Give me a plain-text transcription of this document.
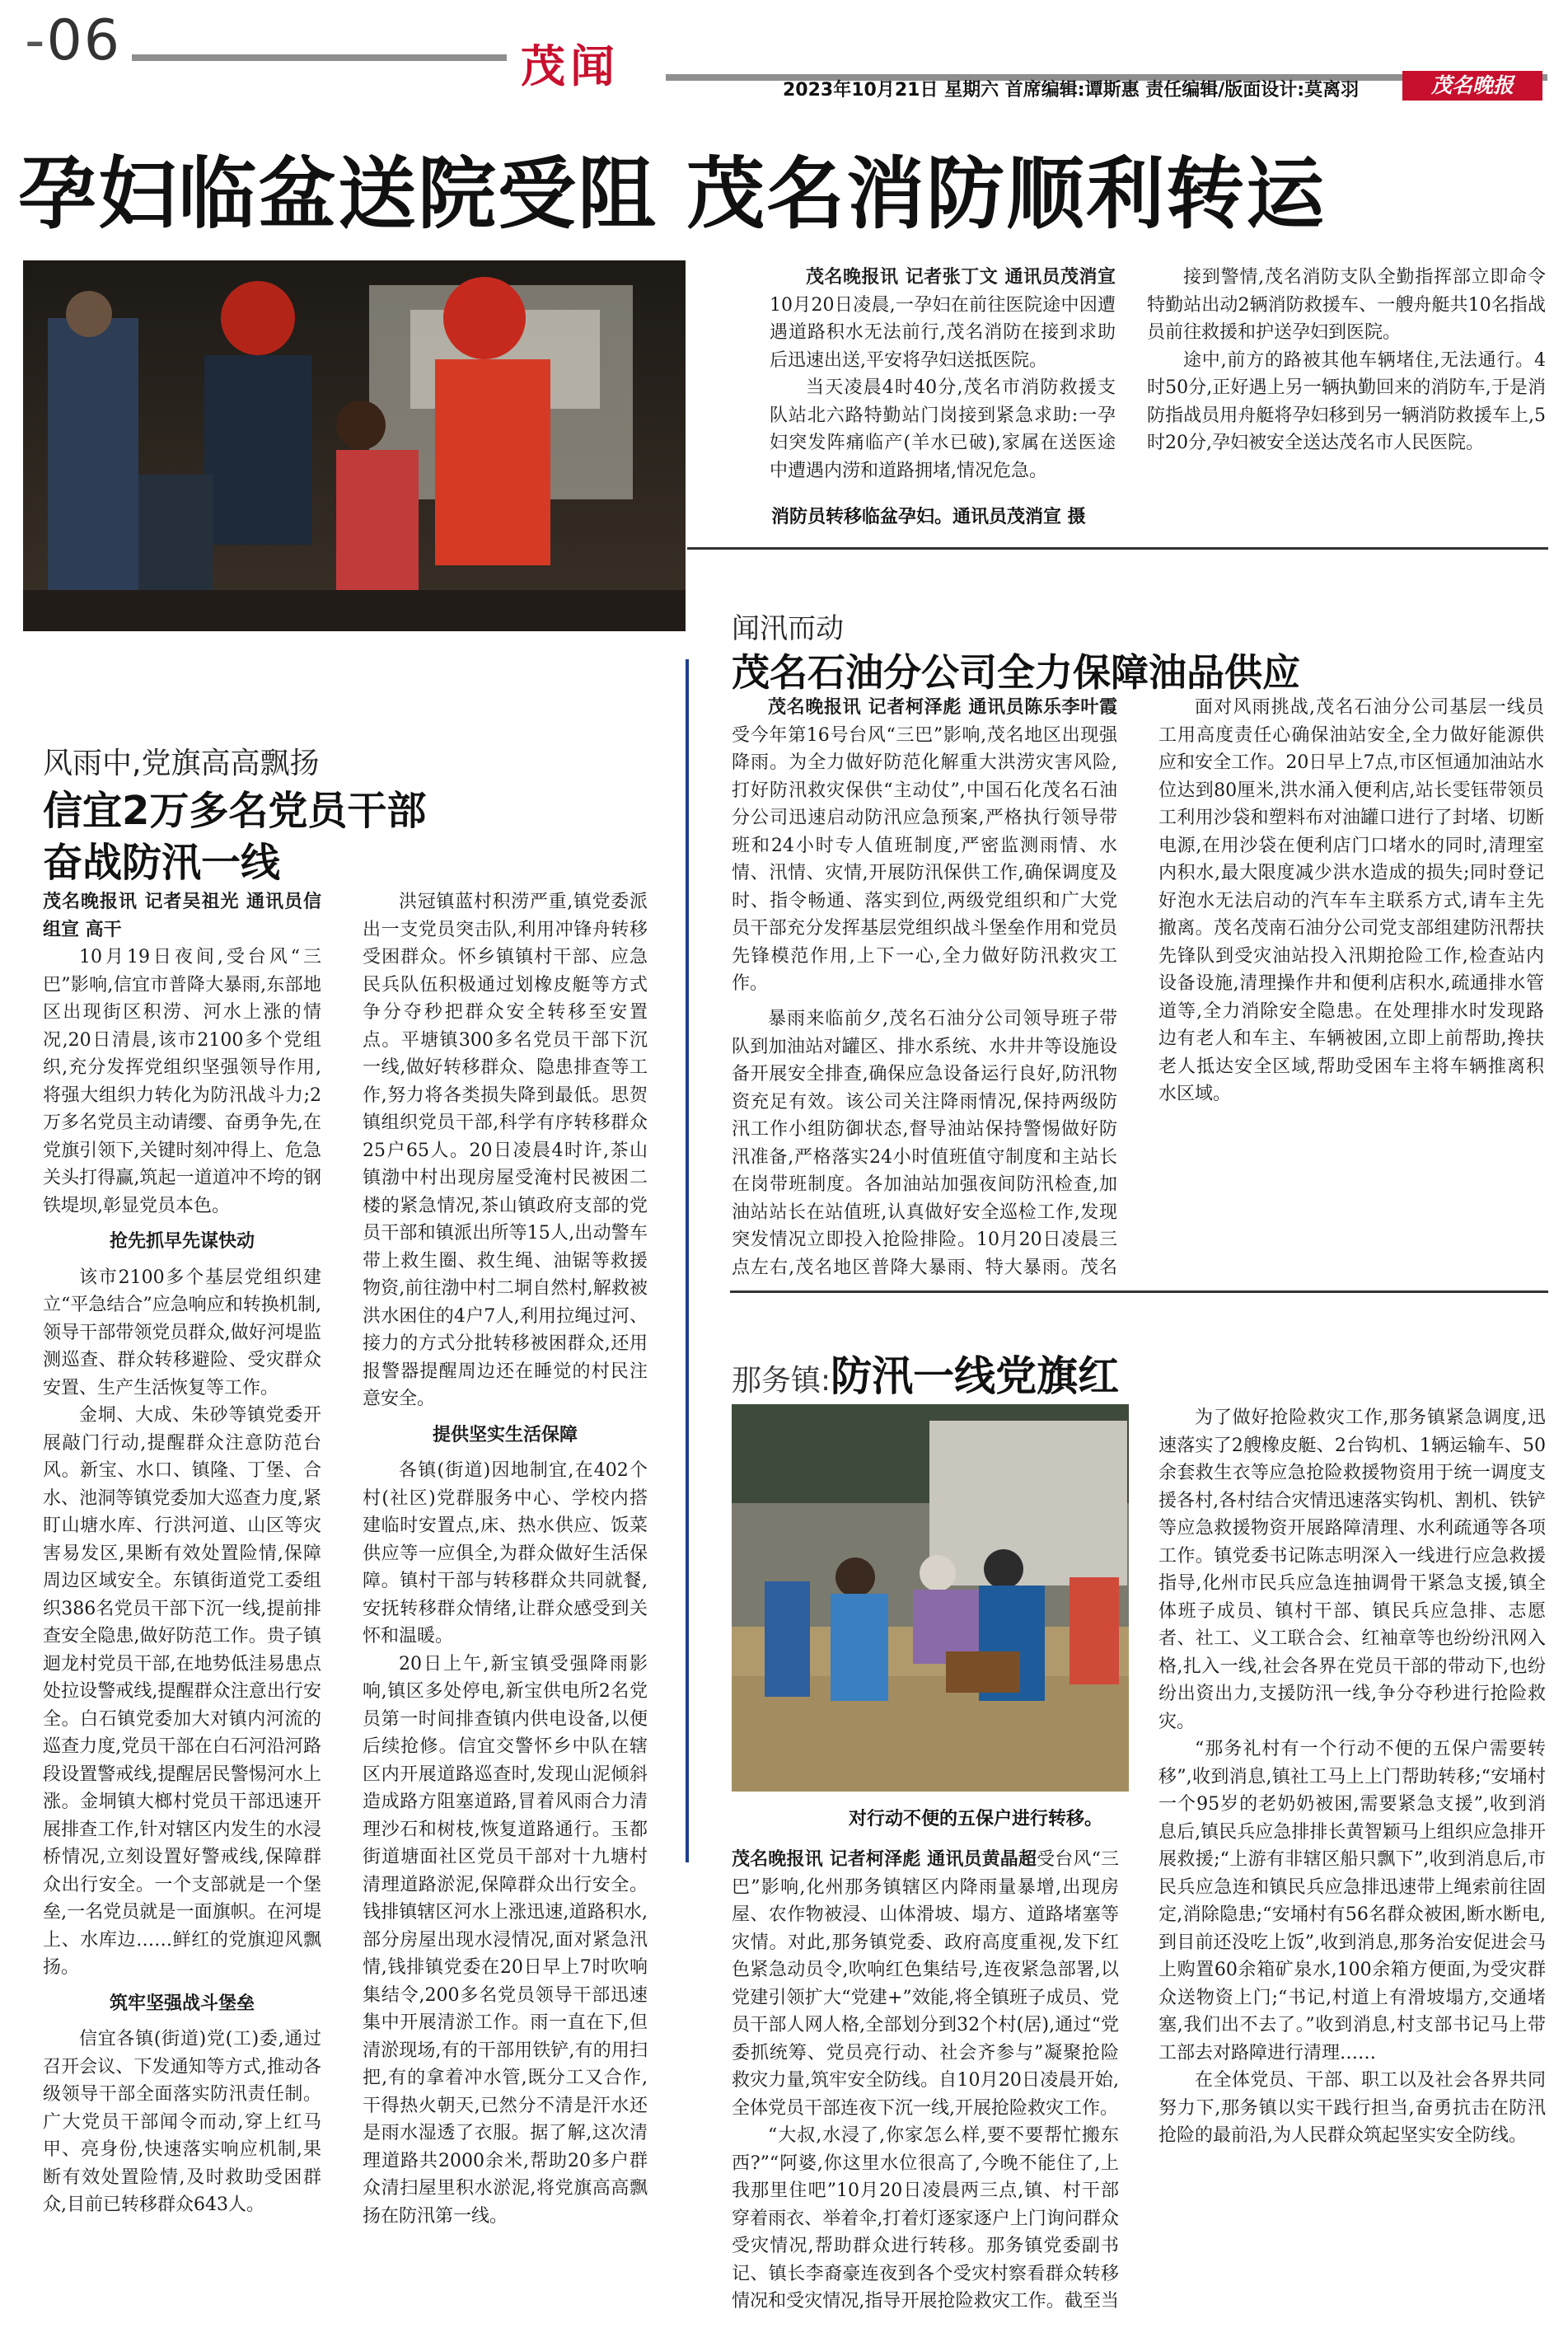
-06	茂闻	2023年10月21日 星期六 首席编辑:谭斯惠 责任编辑/版面设计:莫离羽	茂名晚报
孕妇临盆送院受阻 茂名消防顺利转运

茂名晚报讯 记者张丁文 通讯员茂消宣10月20日凌晨,一孕妇在前往医院途中因遭遇道路积水无法前行,茂名消防在接到求助后迅速出送,平安将孕妇送抵医院。

当天凌晨4时40分,茂名市消防救援支队站北六路特勤站门岗接到紧急求助:一孕妇突发阵痛临产(羊水已破),家属在送医途中遭遇内涝和道路拥堵,情况危急。

接到警情,茂名消防支队全勤指挥部立即命令特勤站出动2辆消防救援车、一艘舟艇共10名指战员前往救援和护送孕妇到医院。

途中,前方的路被其他车辆堵住,无法通行。4时50分,正好遇上另一辆执勤回来的消防车,于是消防指战员用舟艇将孕妇移到另一辆消防救援车上,5时20分,孕妇被安全送达茂名市人民医院。

消防员转移临盆孕妇。通讯员茂消宣 摄
闻汛而动
茂名石油分公司全力保障油品供应

茂名晚报讯 记者柯泽彪 通讯员陈乐李叶霞受今年第16号台风“三巴”影响,茂名地区出现强降雨。为全力做好防范化解重大洪涝灾害风险,打好防汛救灾保供“主动仗”,中国石化茂名石油分公司迅速启动防汛应急预案,严格执行领导带班和24小时专人值班制度,严密监测雨情、水情、汛情、灾情,开展防汛保供工作,确保调度及时、指令畅通、落实到位,两级党组织和广大党员干部充分发挥基层党组织战斗堡垒作用和党员先锋模范作用,上下一心,全力做好防汛救灾工作。

暴雨来临前夕,茂名石油分公司领导班子带队到加油站对罐区、排水系统、水井井等设施设备开展安全排查,确保应急设备运行良好,防汛物资充足有效。该公司关注降雨情况,保持两级防汛工作小组防御状态,督导油站保持警惕做好防汛准备,严格落实24小时值班值守制度和主站长在岗带班制度。各加油站加强夜间防汛检查,加油站站长在站值班,认真做好安全巡检工作,发现突发情况立即投入抢险排险。10月20日凌晨三点左右,茂名地区普降大暴雨、特大暴雨。茂名

面对风雨挑战,茂名石油分公司基层一线员工用高度责任心确保油站安全,全力做好能源供应和安全工作。20日早上7点,市区恒通加油站水位达到80厘米,洪水涌入便利店,站长雯钰带领员工利用沙袋和塑料布对油罐口进行了封堵、切断电源,在用沙袋在便利店门口堵水的同时,清理室内积水,最大限度减少洪水造成的损失;同时登记好泡水无法启动的汽车车主联系方式,请车主先撤离。茂名茂南石油分公司党支部组建防汛帮扶先锋队到受灾油站投入汛期抢险工作,检查站内设备设施,清理操作井和便利店积水,疏通排水管道等,全力消除安全隐患。在处理排水时发现路边有老人和车主、车辆被困,立即上前帮助,搀扶老人抵达安全区域,帮助受困车主将车辆推离积水区域。

风雨中,党旗高高飘扬
信宜2万多名党员干部
奋战防汛一线

茂名晚报讯 记者吴祖光 通讯员信组宣 高干

10月19日夜间,受台风“三巴”影响,信宜市普降大暴雨,东部地区出现街区积涝、河水上涨的情况,20日清晨,该市2100多个党组织,充分发挥党组织坚强领导作用,将强大组织力转化为防汛战斗力;2万多名党员主动请缨、奋勇争先,在党旗引领下,关键时刻冲得上、危急关头打得赢,筑起一道道冲不垮的钢铁堤坝,彰显党员本色。

抢先抓早先谋快动

该市2100多个基层党组织建立“平急结合”应急响应和转换机制,领导干部带领党员群众,做好河堤监测巡查、群众转移避险、受灾群众安置、生产生活恢复等工作。

金垌、大成、朱砂等镇党委开展敲门行动,提醒群众注意防范台风。新宝、水口、镇隆、丁堡、合水、池洞等镇党委加大巡查力度,紧盯山塘水库、行洪河道、山区等灾害易发区,果断有效处置险情,保障周边区域安全。东镇街道党工委组织386名党员干部下沉一线,提前排查安全隐患,做好防范工作。贵子镇迴龙村党员干部,在地势低洼易患点处拉设警戒线,提醒群众注意出行安全。白石镇党委加大对镇内河流的巡查力度,党员干部在白石河沿河路段设置警戒线,提醒居民警惕河水上涨。金垌镇大榔村党员干部迅速开展排查工作,针对辖区内发生的水浸桥情况,立刻设置好警戒线,保障群众出行安全。一个支部就是一个堡垒,一名党员就是一面旗帜。在河堤上、水库边……鲜红的党旗迎风飘扬。

筑牢坚强战斗堡垒

信宜各镇(街道)党(工)委,通过召开会议、下发通知等方式,推动各级领导干部全面落实防汛责任制。广大党员干部闻令而动,穿上红马甲、亮身份,快速落实响应机制,果断有效处置险情,及时救助受困群众,目前已转移群众643人。

洪冠镇蓝村积涝严重,镇党委派出一支党员突击队,利用冲锋舟转移受困群众。怀乡镇镇村干部、应急民兵队伍积极通过划橡皮艇等方式争分夺秒把群众安全转移至安置点。平塘镇300多名党员干部下沉一线,做好转移群众、隐患排查等工作,努力将各类损失降到最低。思贺镇组织党员干部,科学有序转移群众25户65人。20日凌晨4时许,茶山镇渤中村出现房屋受淹村民被困二楼的紧急情况,茶山镇政府支部的党员干部和镇派出所等15人,出动警车带上救生圈、救生绳、油锯等救援物资,前往渤中村二垌自然村,解救被洪水困住的4户7人,利用拉绳过河、接力的方式分批转移被困群众,还用报警器提醒周边还在睡觉的村民注意安全。

提供坚实生活保障

各镇(街道)因地制宜,在402个村(社区)党群服务中心、学校内搭建临时安置点,床、热水供应、饭菜供应等一应俱全,为群众做好生活保障。镇村干部与转移群众共同就餐,安抚转移群众情绪,让群众感受到关怀和温暖。

20日上午,新宝镇受强降雨影响,镇区多处停电,新宝供电所2名党员第一时间排查镇内供电设备,以便后续抢修。信宜交警怀乡中队在辖区内开展道路巡查时,发现山泥倾斜造成路方阻塞道路,冒着风雨合力清理沙石和树枝,恢复道路通行。玉都街道塘面社区党员干部对十九塘村清理道路淤泥,保障群众出行安全。钱排镇辖区河水上涨迅速,道路积水,部分房屋出现水浸情况,面对紧急汛情,钱排镇党委在20日早上7时吹响集结令,200多名党员领导干部迅速集中开展清淤工作。雨一直在下,但清淤现场,有的干部用铁铲,有的用扫把,有的拿着冲水管,既分工又合作,干得热火朝天,已然分不清是汗水还是雨水湿透了衣服。据了解,这次清理道路共2000余米,帮助20多户群众清扫屋里积水淤泥,将党旗高高飘扬在防汛第一线。

那务镇:防汛一线党旗红
对行动不便的五保户进行转移。

茂名晚报讯 记者柯泽彪 通讯员黄晶超受台风“三巴”影响,化州那务镇辖区内降雨量暴增,出现房屋、农作物被浸、山体滑坡、塌方、道路堵塞等灾情。对此,那务镇党委、政府高度重视,发下红色紧急动员令,吹响红色集结号,连夜紧急部署,以党建引领扩大“党建+”效能,将全镇班子成员、党员干部人网人格,全部划分到32个村(居),通过“党委抓统筹、党员亮行动、社会齐参与”凝聚抢险救灾力量,筑牢安全防线。自10月20日凌晨开始,全体党员干部连夜下沉一线,开展抢险救灾工作。

“大叔,水浸了,你家怎么样,要不要帮忙搬东西?”“阿婆,你这里水位很高了,今晚不能住了,上我那里住吧”10月20日凌晨两三点,镇、村干部穿着雨衣、举着伞,打着灯逐家逐户上门询问群众受灾情况,帮助群众进行转移。那务镇党委副书记、镇长李裔豪连夜到各个受灾村察看群众转移情况和受灾情况,指导开展抢险救灾工作。截至当

为了做好抢险救灾工作,那务镇紧急调度,迅速落实了2艘橡皮艇、2台钩机、1辆运输车、50余套救生衣等应急抢险救援物资用于统一调度支援各村,各村结合灾情迅速落实钩机、割机、铁铲等应急救援物资开展路障清理、水利疏通等各项工作。镇党委书记陈志明深入一线进行应急救援指导,化州市民兵应急连抽调骨干紧急支援,镇全体班子成员、镇村干部、镇民兵应急排、志愿者、社工、义工联合会、红袖章等也纷纷汛网入格,扎入一线,社会各界在党员干部的带动下,也纷纷出资出力,支援防汛一线,争分夺秒进行抢险救灾。

“那务礼村有一个行动不便的五保户需要转移”,收到消息,镇社工马上上门帮助转移;“安埇村一个95岁的老奶奶被困,需要紧急支援”,收到消息后,镇民兵应急排排长黄智颖马上组织应急排开展救援;“上游有非辖区船只飘下”,收到消息后,市民兵应急连和镇民兵应急排迅速带上绳索前往固定,消除隐患;“安埇村有56名群众被困,断水断电,到目前还没吃上饭”,收到消息,那务治安促进会马上购置60余箱矿泉水,100余箱方便面,为受灾群众送物资上门;“书记,村道上有滑坡塌方,交通堵塞,我们出不去了。”收到消息,村支部书记马上带工部去对路障进行清理……

在全体党员、干部、职工以及社会各界共同努力下,那务镇以实干践行担当,奋勇抗击在防汛抢险的最前沿,为人民群众筑起坚实安全防线。
